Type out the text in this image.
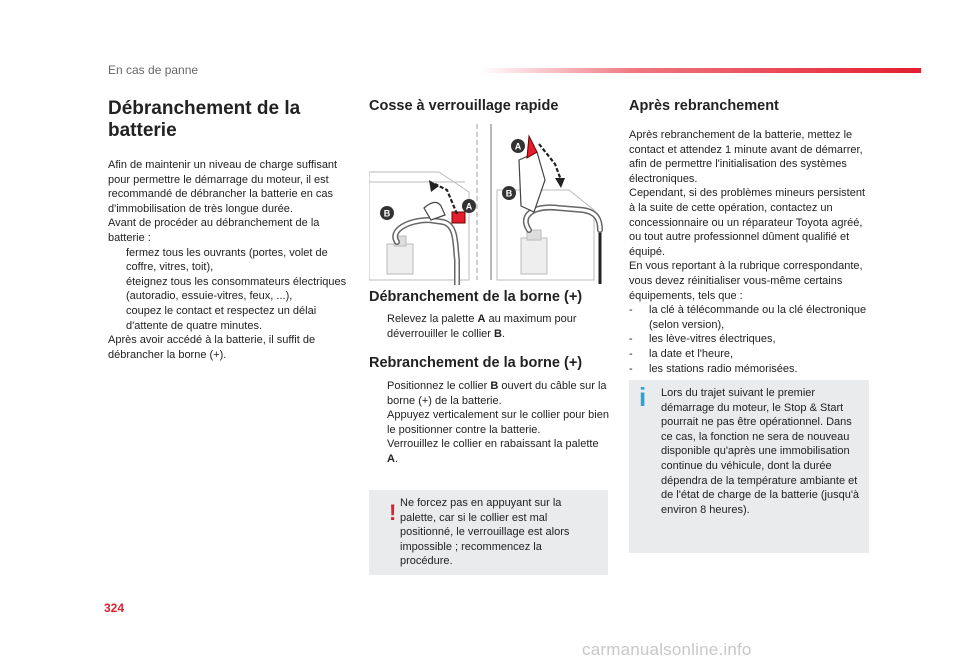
En cas de panne
Débranchement de la batterie

Afin de maintenir un niveau de charge suffisant pour permettre le démarrage du moteur, il est recommandé de débrancher la batterie en cas d'immobilisation de très longue durée.

Avant de procéder au débranchement de la batterie :

fermez tous les ouvrants (portes, volet de coffre, vitres, toit),
éteignez tous les consommateurs électriques (autoradio, essuie-vitres, feux, ...),
coupez le contact et respectez un délai d'attente de quatre minutes.

Après avoir accédé à la batterie, il suffit de débrancher la borne (+).

Cosse à verrouillage rapide
A
B
A
B
Débranchement de la borne (+)
Relevez la palette A au maximum pour déverrouiller le collier B.
Rebranchement de la borne (+)
Positionnez le collier B ouvert du câble sur la borne (+) de la batterie.
Appuyez verticalement sur le collier pour bien le positionner contre la batterie.
Verrouillez le collier en rabaissant la palette A.
! Ne forcez pas en appuyant sur la palette, car si le collier est mal positionné, le verrouillage est alors impossible ; recommencez la procédure.
Après rebranchement

Après rebranchement de la batterie, mettez le contact et attendez 1 minute avant de démarrer, afin de permettre l'initialisation des systèmes électroniques.

Cependant, si des problèmes mineurs persistent à la suite de cette opération, contactez un concessionnaire ou un réparateur Toyota agréé, ou tout autre professionnel dûment qualifié et équipé.

En vous reportant à la rubrique correspondante, vous devez réinitialiser vous-même certains équipements, tels que :

- la clé à télécommande ou la clé électronique (selon version),
- les lève-vitres électriques,
- la date et l'heure,
- les stations radio mémorisées.
i Lors du trajet suivant le premier démarrage du moteur, le Stop & Start pourrait ne pas être opérationnel. Dans ce cas, la fonction ne sera de nouveau disponible qu'après une immobilisation continue du véhicule, dont la durée dépendra de la température ambiante et de l'état de charge de la batterie (jusqu'à environ 8 heures).
324
carmanualsonline.info
